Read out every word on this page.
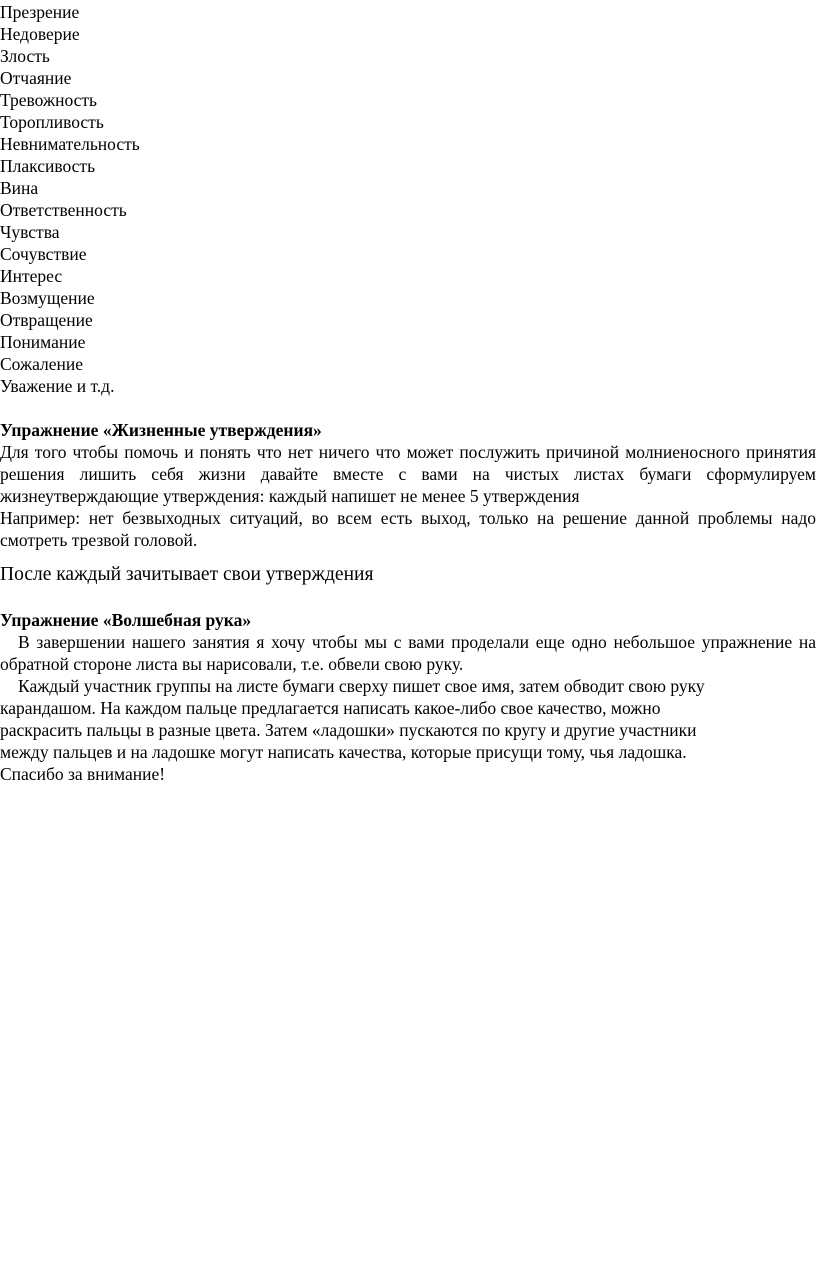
Презрение
Недоверие
Злость
Отчаяние
Тревожность
Торопливость
Невнимательность
Плаксивость
Вина
Ответственность
Чувства
Сочувствие
Интерес
Возмущение
Отвращение
Понимание
Сожаление
Уважение и т.д.

Упражнение «Жизненные утверждения»

Для того чтобы помочь и понять что нет ничего что может послужить причиной молниеносного принятия решения лишить себя жизни давайте вместе с вами на чистых листах бумаги сформулируем жизнеутверждающие утверждения: каждый напишет не менее 5 утверждения

Например: нет безвыходных ситуаций, во всем есть выход, только на решение данной проблемы надо смотреть трезвой головой.

После каждый зачитывает свои утверждения

Упражнение «Волшебная рука»

В завершении нашего занятия я хочу чтобы мы с вами проделали еще одно небольшое упражнение на обратной стороне листа вы нарисовали, т.е. обвели свою руку.

Каждый участник группы на листе бумаги сверху пишет свое имя, затем обводит свою руку

карандашом. На каждом пальце предлагается написать какое-либо свое качество, можно

раскрасить пальцы в разные цвета. Затем «ладошки» пускаются по кругу и другие участники

между пальцев и на ладошке могут написать качества, которые присущи тому, чья ладошка.

Спасибо за внимание!
